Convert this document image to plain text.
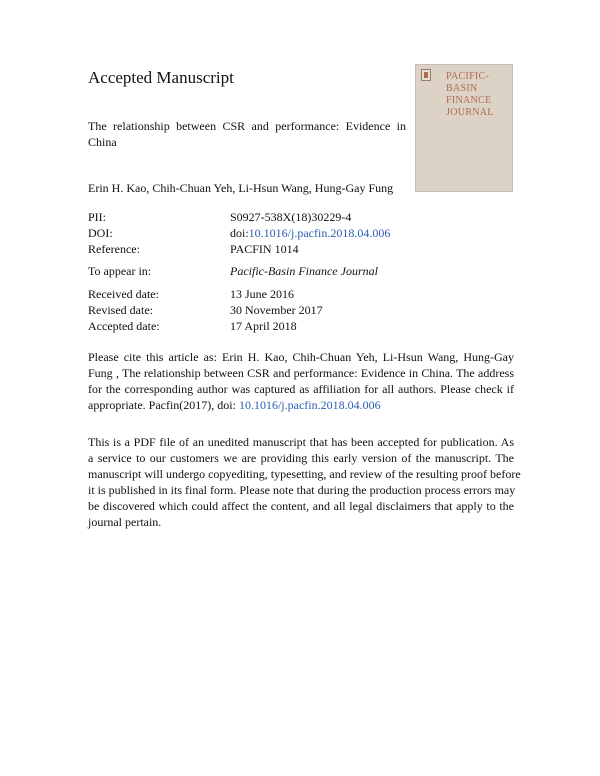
Accepted Manuscript
The relationship between CSR and performance: Evidence in
China
Erin H. Kao, Chih-Chuan Yeh, Li-Hsun Wang, Hung-Gay Fung
PACIFIC-
BASIN
FINANCE
JOURNAL
PII:	S0927-538X(18)30229-4
DOI:	doi:10.1016/j.pacfin.2018.04.006
Reference:	PACFIN 1014
To appear in:	Pacific-Basin Finance Journal
Received date:	13 June 2016
Revised date:	30 November 2017
Accepted date:	17 April 2018
Please cite this article as: Erin H. Kao, Chih-Chuan Yeh, Li-Hsun Wang, Hung-Gay
Fung , The relationship between CSR and performance: Evidence in China. The address
for the corresponding author was captured as affiliation for all authors. Please check if
appropriate. Pacfin(2017), doi: 10.1016/j.pacfin.2018.04.006
This is a PDF file of an unedited manuscript that has been accepted for publication. As
a service to our customers we are providing this early version of the manuscript. The
manuscript will undergo copyediting, typesetting, and review of the resulting proof before
it is published in its final form. Please note that during the production process errors may
be discovered which could affect the content, and all legal disclaimers that apply to the
journal pertain.
